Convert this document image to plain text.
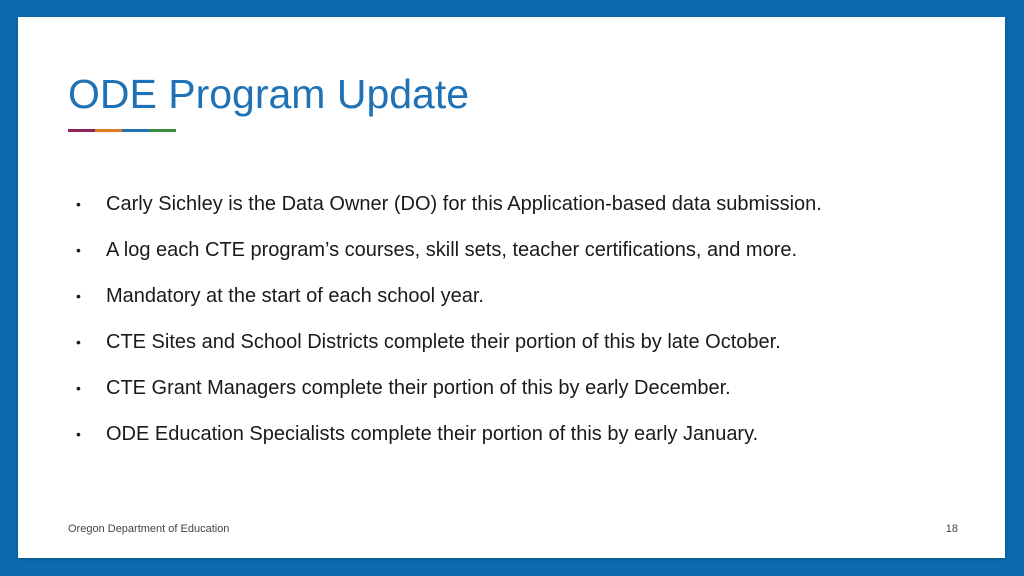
ODE Program Update
• Carly Sichley is the Data Owner (DO) for this Application-based data submission.
• A log each CTE program’s courses, skill sets, teacher certifications, and more.
• Mandatory at the start of each school year.
• CTE Sites and School Districts complete their portion of this by late October.
• CTE Grant Managers complete their portion of this by early December.
• ODE Education Specialists complete their portion of this by early January.
Oregon Department of Education	18
